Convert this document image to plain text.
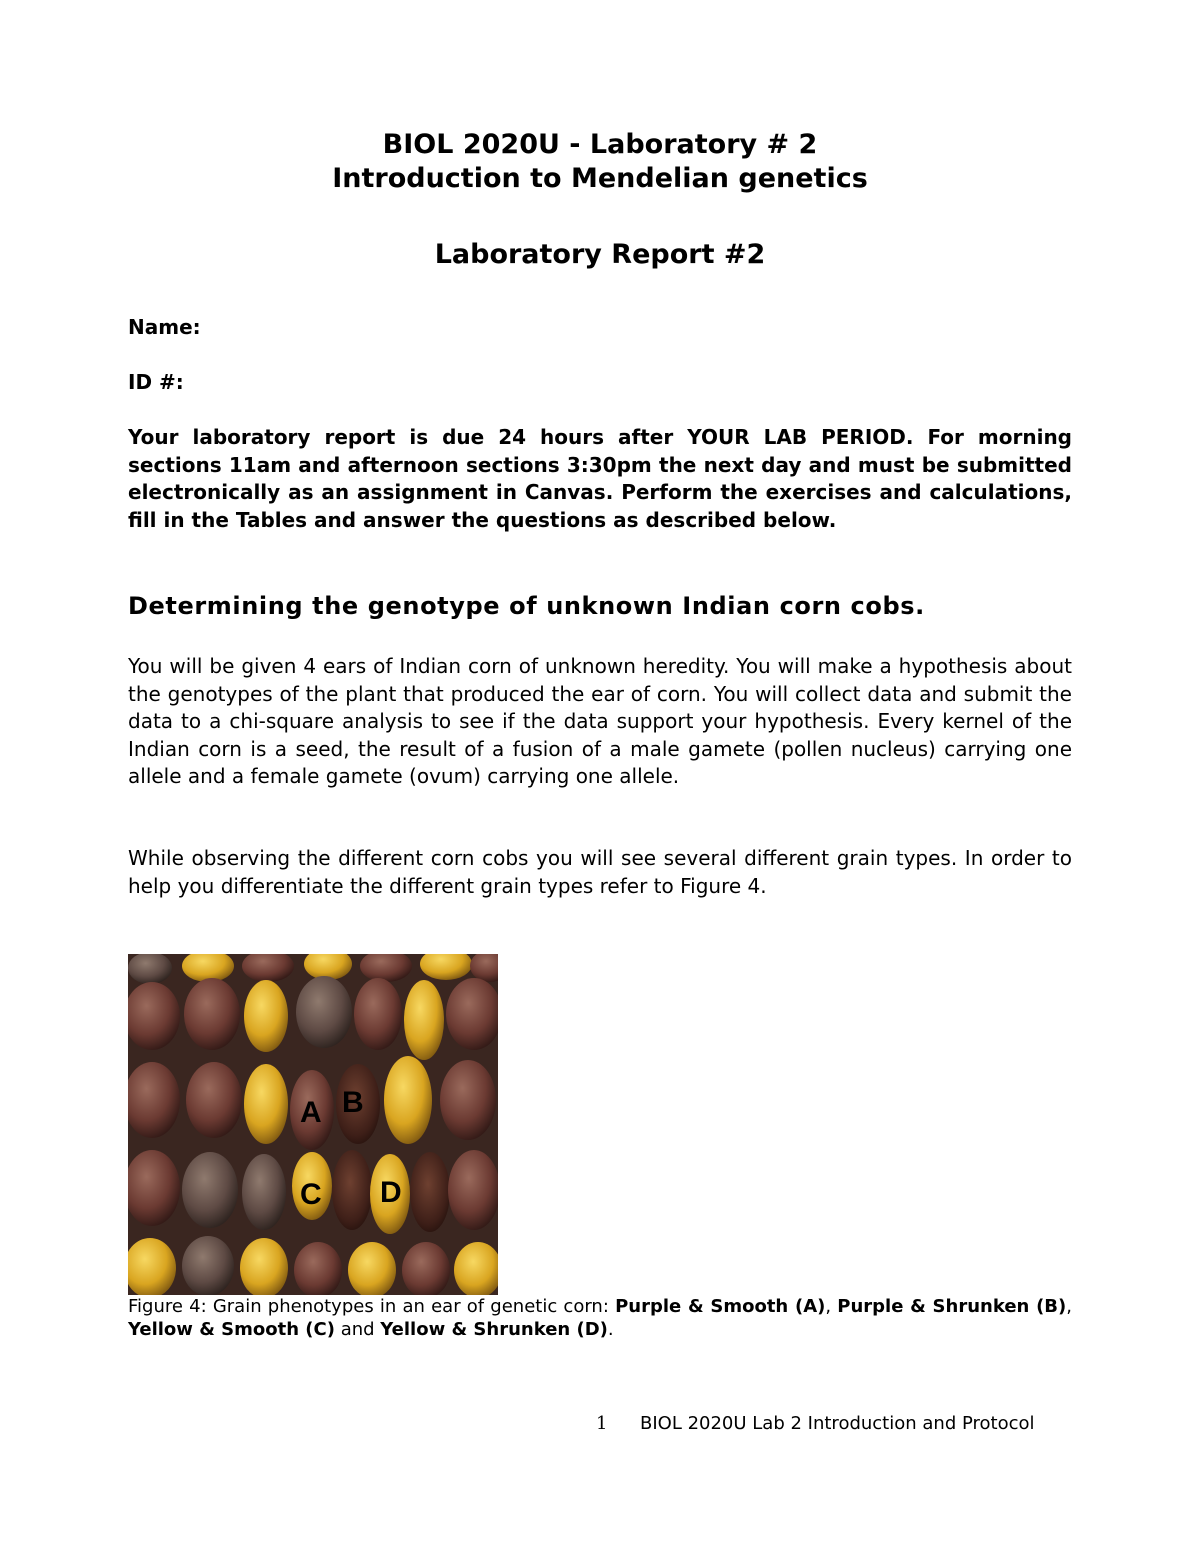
BIOL 2020U - Laboratory # 2
Introduction to Mendelian genetics
Laboratory Report #2
Name:
ID #:
Your laboratory report is due 24 hours after YOUR LAB PERIOD. For morning sections 11am and afternoon sections 3:30pm the next day and must be submitted electronically as an assignment in Canvas. Perform the exercises and calculations, fill in the Tables and answer the questions as described below.
Determining the genotype of unknown Indian corn cobs.
You will be given 4 ears of Indian corn of unknown heredity. You will make a hypothesis about the genotypes of the plant that produced the ear of corn. You will collect data and submit the data to a chi-square analysis to see if the data support your hypothesis. Every kernel of the Indian corn is a seed, the result of a fusion of a male gamete (pollen nucleus) carrying one allele and a female gamete (ovum) carrying one allele.
While observing the different corn cobs you will see several different grain types. In order to help you differentiate the different grain types refer to Figure 4.
A B
C D
Figure 4: Grain phenotypes in an ear of genetic corn: Purple & Smooth (A), Purple & Shrunken (B), Yellow & Smooth (C) and Yellow & Shrunken (D).
1 BIOL 2020U Lab 2 Introduction and Protocol
